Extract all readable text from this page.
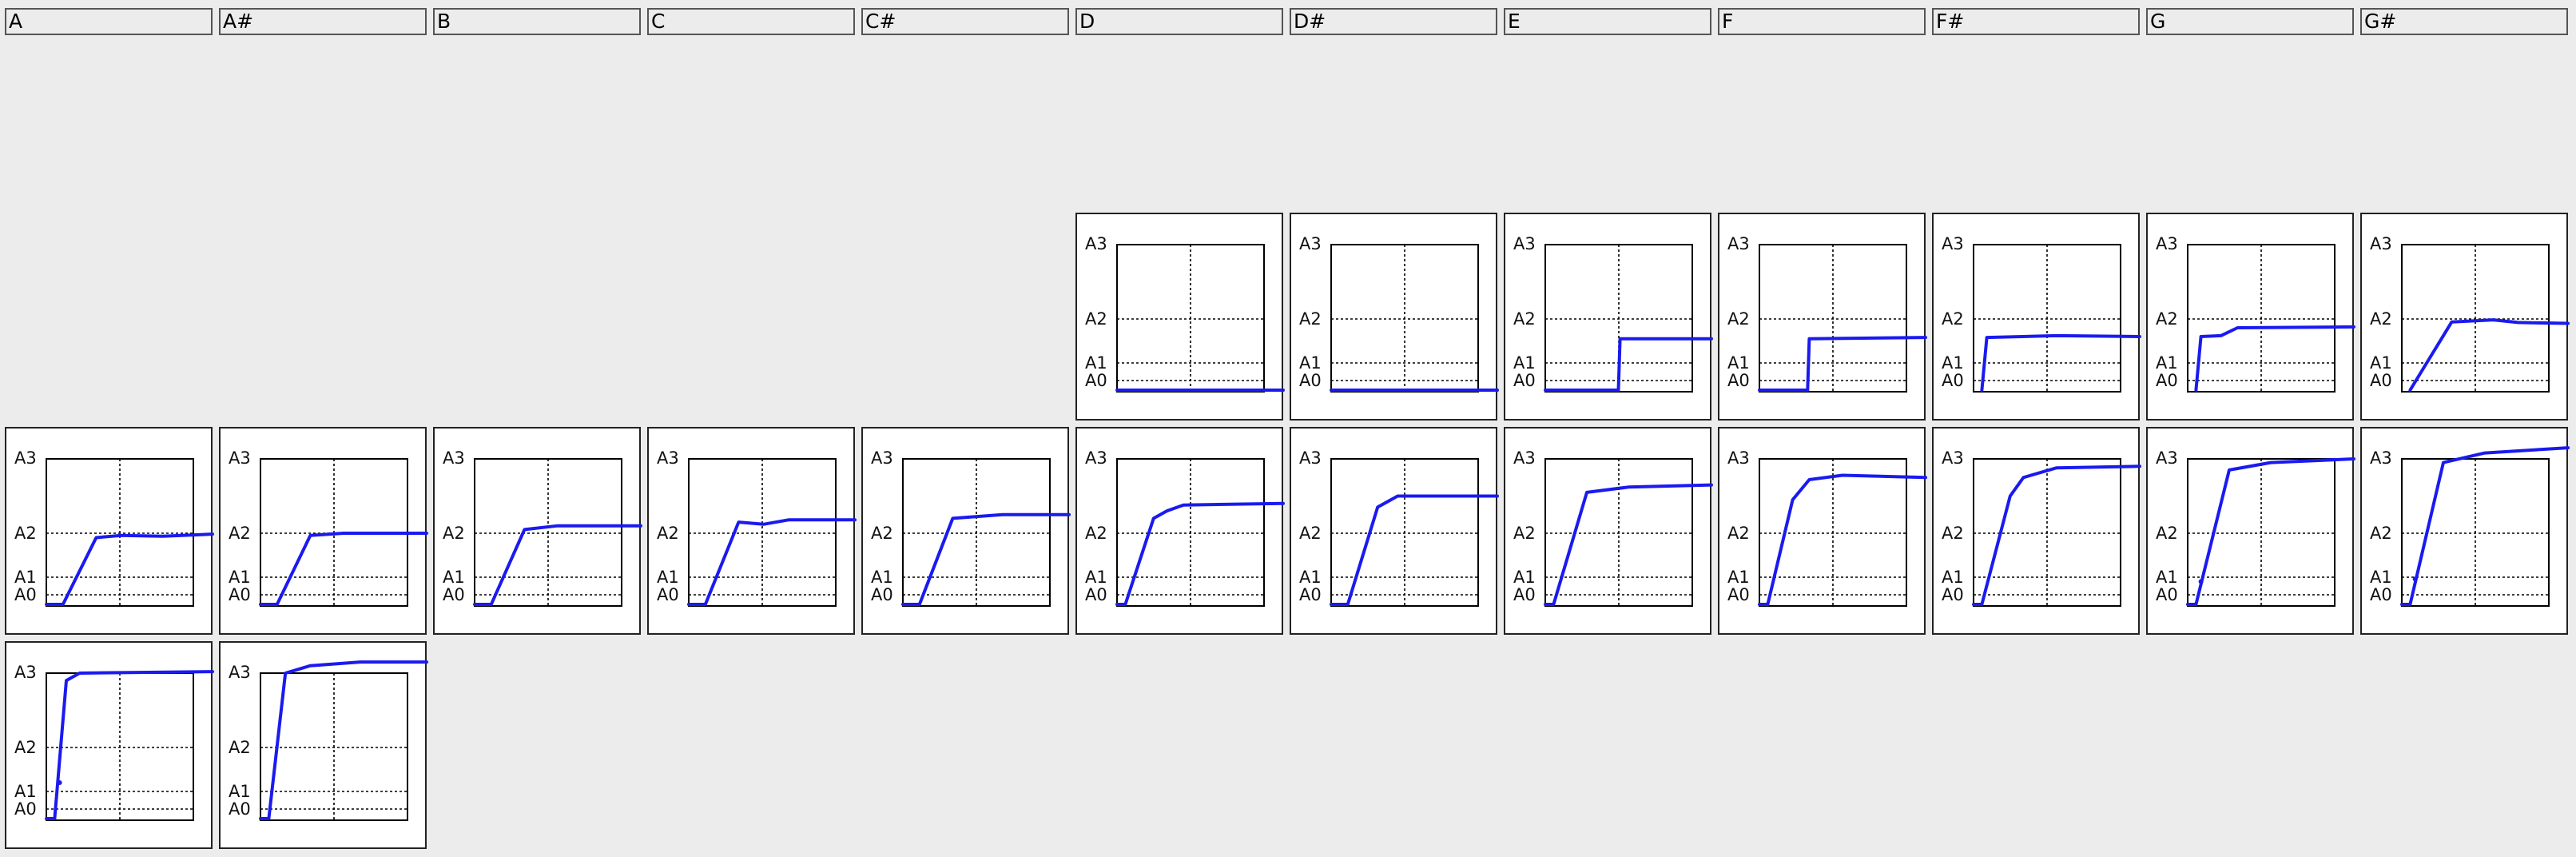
A	A#	B	C	C#	D	D#	E	F	F#	G	G#
A3
A2
A1
A0
A3
A2
A1
A0
A3
A2
A1
A0
A3
A2
A1
A0
A3
A2
A1
A0
A3
A2
A1
A0
A3
A2
A1
A0
A3
A2
A1
A0
A3
A2
A1
A0
A3
A2
A1
A0
A3
A2
A1
A0
A3
A2
A1
A0
A3
A2
A1
A0
A3
A2
A1
A0
A3
A2
A1
A0
A3
A2
A1
A0
A3
A2
A1
A0
A3
A2
A1
A0
A3
A2
A1
A0
A3
A2
A1
A0
A3
A2
A1
A0
